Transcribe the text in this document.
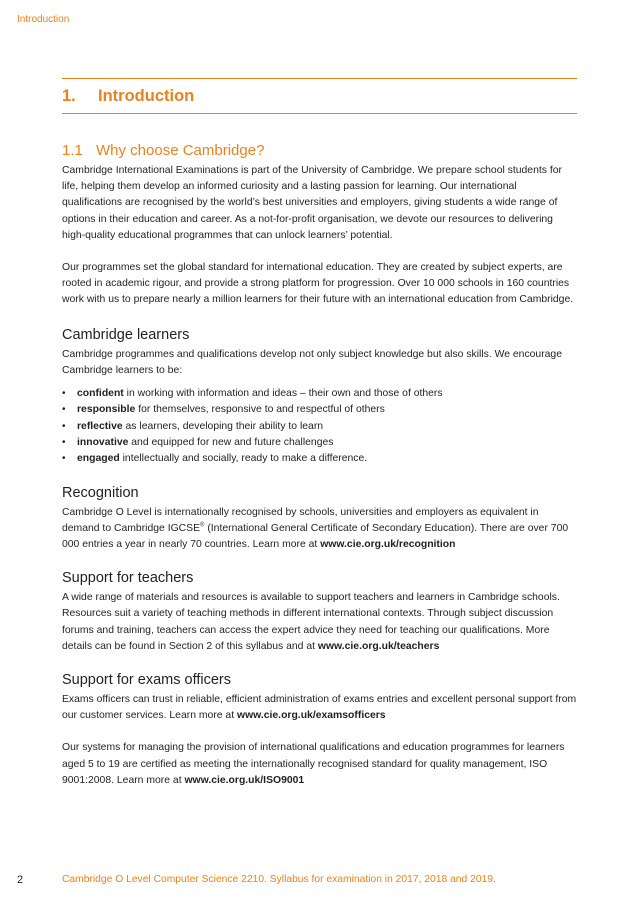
Introduction
1.	Introduction
1.1 Why choose Cambridge?

Cambridge International Examinations is part of the University of Cambridge. We prepare school students for life, helping them develop an informed curiosity and a lasting passion for learning. Our international qualifications are recognised by the world’s best universities and employers, giving students a wide range of options in their education and career. As a not-for-profit organisation, we devote our resources to delivering high-quality educational programmes that can unlock learners’ potential.

Our programmes set the global standard for international education. They are created by subject experts, are rooted in academic rigour, and provide a strong platform for progression. Over 10 000 schools in 160 countries work with us to prepare nearly a million learners for their future with an international education from Cambridge.

Cambridge learners

Cambridge programmes and qualifications develop not only subject knowledge but also skills. We encourage Cambridge learners to be:

•	confident in working with information and ideas – their own and those of others
•	responsible for themselves, responsive to and respectful of others
•	reflective as learners, developing their ability to learn
•	innovative and equipped for new and future challenges
•	engaged intellectually and socially, ready to make a difference.
Recognition

Cambridge O Level is internationally recognised by schools, universities and employers as equivalent in demand to Cambridge IGCSE® (International General Certificate of Secondary Education). There are over 700 000 entries a year in nearly 70 countries. Learn more at www.cie.org.uk/recognition

Support for teachers

A wide range of materials and resources is available to support teachers and learners in Cambridge schools. Resources suit a variety of teaching methods in different international contexts. Through subject discussion forums and training, teachers can access the expert advice they need for teaching our qualifications. More details can be found in Section 2 of this syllabus and at www.cie.org.uk/teachers

Support for exams officers

Exams officers can trust in reliable, efficient administration of exams entries and excellent personal support from our customer services. Learn more at www.cie.org.uk/examsofficers

Our systems for managing the provision of international qualifications and education programmes for learners aged 5 to 19 are certified as meeting the internationally recognised standard for quality management, ISO 9001:2008. Learn more at www.cie.org.uk/ISO9001

2	Cambridge O Level Computer Science 2210. Syllabus for examination in 2017, 2018 and 2019.
